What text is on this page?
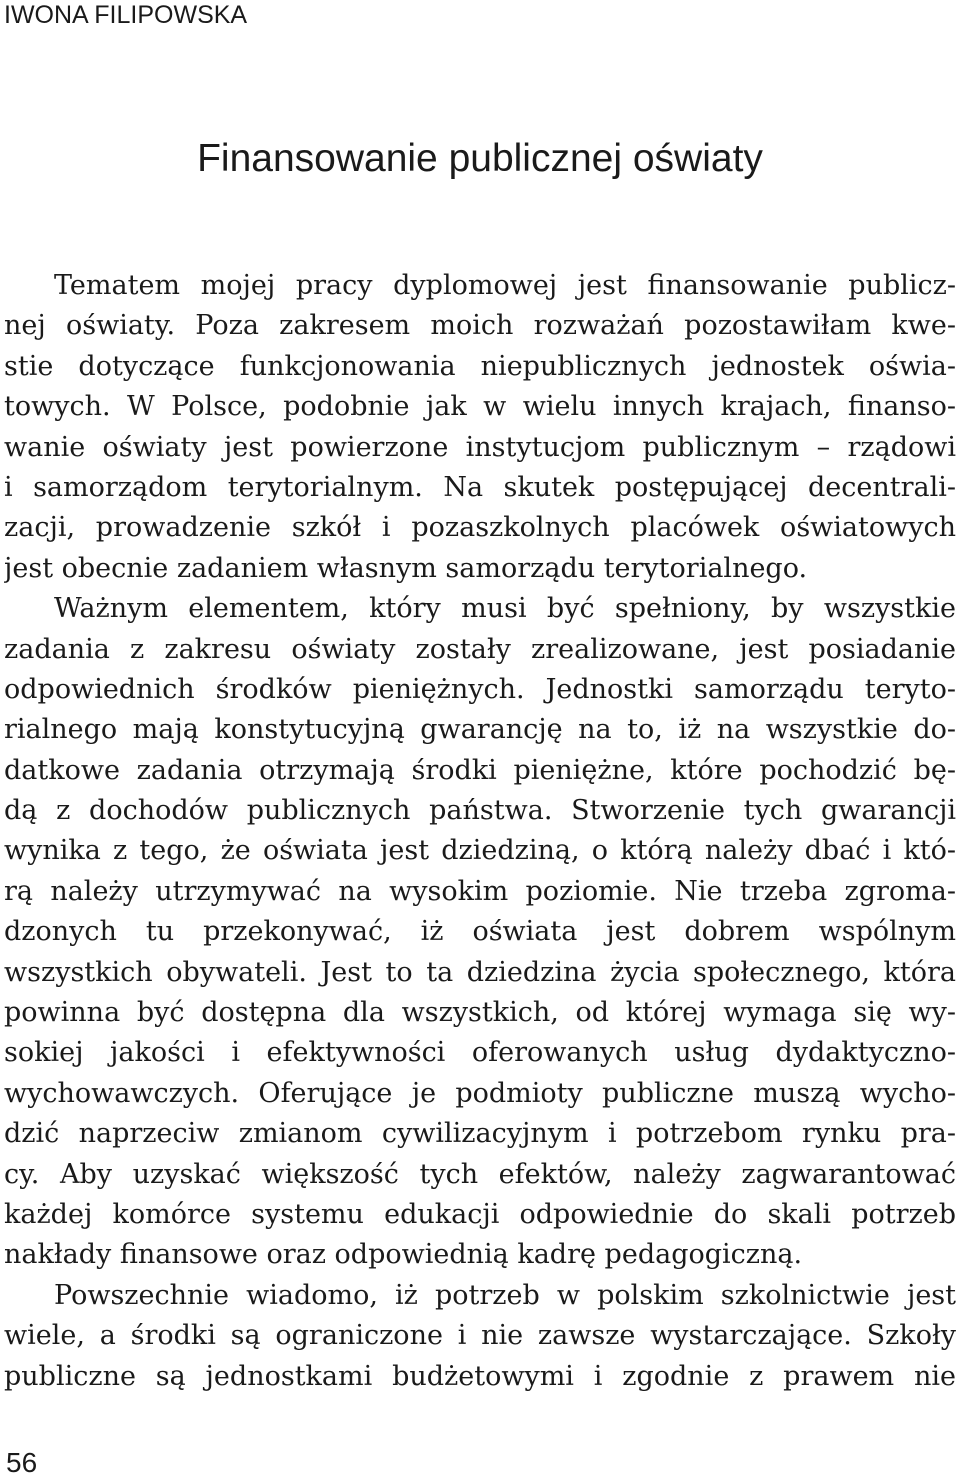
IWONA FILIPOWSKA
Finansowanie publicznej oświaty
Tematem mojej pracy dyplomowej jest finansowanie publicz-
nej oświaty. Poza zakresem moich rozważań pozostawiłam kwe-
stie dotyczące funkcjonowania niepublicznych jednostek oświa-
towych. W Polsce, podobnie jak w wielu innych krajach, finanso-
wanie oświaty jest powierzone instytucjom publicznym – rządowi
i samorządom terytorialnym. Na skutek postępującej decentrali-
zacji, prowadzenie szkół i pozaszkolnych placówek oświatowych
jest obecnie zadaniem własnym samorządu terytorialnego.
Ważnym elementem, który musi być spełniony, by wszystkie
zadania z zakresu oświaty zostały zrealizowane, jest posiadanie
odpowiednich środków pieniężnych. Jednostki samorządu teryto-
rialnego mają konstytucyjną gwarancję na to, iż na wszystkie do-
datkowe zadania otrzymają środki pieniężne, które pochodzić bę-
dą z dochodów publicznych państwa. Stworzenie tych gwarancji
wynika z tego, że oświata jest dziedziną, o którą należy dbać i któ-
rą należy utrzymywać na wysokim poziomie. Nie trzeba zgroma-
dzonych tu przekonywać, iż oświata jest dobrem wspólnym
wszystkich obywateli. Jest to ta dziedzina życia społecznego, która
powinna być dostępna dla wszystkich, od której wymaga się wy-
sokiej jakości i efektywności oferowanych usług dydaktyczno-
wychowawczych. Oferujące je podmioty publiczne muszą wycho-
dzić naprzeciw zmianom cywilizacyjnym i potrzebom rynku pra-
cy. Aby uzyskać większość tych efektów, należy zagwarantować
każdej komórce systemu edukacji odpowiednie do skali potrzeb
nakłady finansowe oraz odpowiednią kadrę pedagogiczną.
Powszechnie wiadomo, iż potrzeb w polskim szkolnictwie jest
wiele, a środki są ograniczone i nie zawsze wystarczające. Szkoły
publiczne są jednostkami budżetowymi i zgodnie z prawem nie
56
